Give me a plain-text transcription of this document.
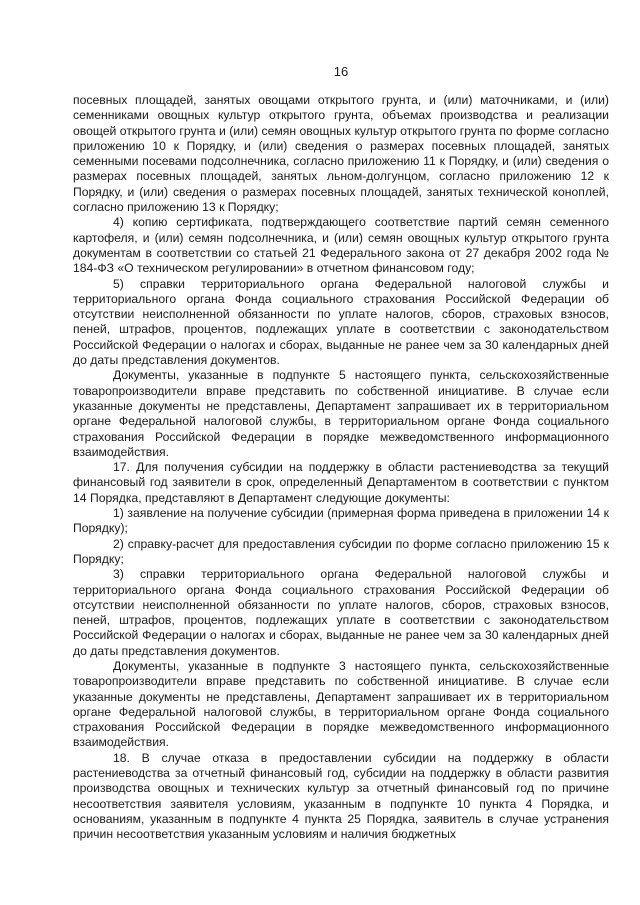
16

посевных площадей, занятых овощами открытого грунта, и (или) маточниками, и (или) семенниками овощных культур открытого грунта, объемах производства и реализации овощей открытого грунта и (или) семян овощных культур открытого грунта по форме согласно приложению 10 к Порядку, и (или) сведения о размерах посевных площадей, занятых семенными посевами подсолнечника, согласно приложению 11 к Порядку, и (или) сведения о размерах посевных площадей, занятых льном-долгунцом, согласно приложению 12 к Порядку, и (или) сведения о размерах посевных площадей, занятых технической коноплей, согласно приложению 13 к Порядку;

4) копию сертификата, подтверждающего соответствие партий семян семенного картофеля, и (или) семян подсолнечника, и (или) семян овощных культур открытого грунта документам в соответствии со статьей 21 Федерального закона от 27 декабря 2002 года № 184-ФЗ «О техническом регулировании» в отчетном финансовом году;

5) справки территориального органа Федеральной налоговой службы и территориального органа Фонда социального страхования Российской Федерации об отсутствии неисполненной обязанности по уплате налогов, сборов, страховых взносов, пеней, штрафов, процентов, подлежащих уплате в соответствии с законодательством Российской Федерации о налогах и сборах, выданные не ранее чем за 30 календарных дней до даты представления документов.

Документы, указанные в подпункте 5 настоящего пункта, сельскохозяйственные товаропроизводители вправе представить по собственной инициативе. В случае если указанные документы не представлены, Департамент запрашивает их в территориальном органе Федеральной налоговой службы, в территориальном органе Фонда социального страхования Российской Федерации в порядке межведомственного информационного взаимодействия.

17. Для получения субсидии на поддержку в области растениеводства за текущий финансовый год заявители в срок, определенный Департаментом в соответствии с пунктом 14 Порядка, представляют в Департамент следующие документы:

1) заявление на получение субсидии (примерная форма приведена в приложении 14 к Порядку);

2) справку-расчет для предоставления субсидии по форме согласно приложению 15 к Порядку;

3) справки территориального органа Федеральной налоговой службы и территориального органа Фонда социального страхования Российской Федерации об отсутствии неисполненной обязанности по уплате налогов, сборов, страховых взносов, пеней, штрафов, процентов, подлежащих уплате в соответствии с законодательством Российской Федерации о налогах и сборах, выданные не ранее чем за 30 календарных дней до даты представления документов.

Документы, указанные в подпункте 3 настоящего пункта, сельскохозяйственные товаропроизводители вправе представить по собственной инициативе. В случае если указанные документы не представлены, Департамент запрашивает их в территориальном органе Федеральной налоговой службы, в территориальном органе Фонда социального страхования Российской Федерации в порядке межведомственного информационного взаимодействия.

18. В случае отказа в предоставлении субсидии на поддержку в области растениеводства за отчетный финансовый год, субсидии на поддержку в области развития производства овощных и технических культур за отчетный финансовый год по причине несоответствия заявителя условиям, указанным в подпункте 10 пункта 4 Порядка, и основаниям, указанным в подпункте 4 пункта 25 Порядка, заявитель в случае устранения причин несоответствия указанным условиям и наличия бюджетных
